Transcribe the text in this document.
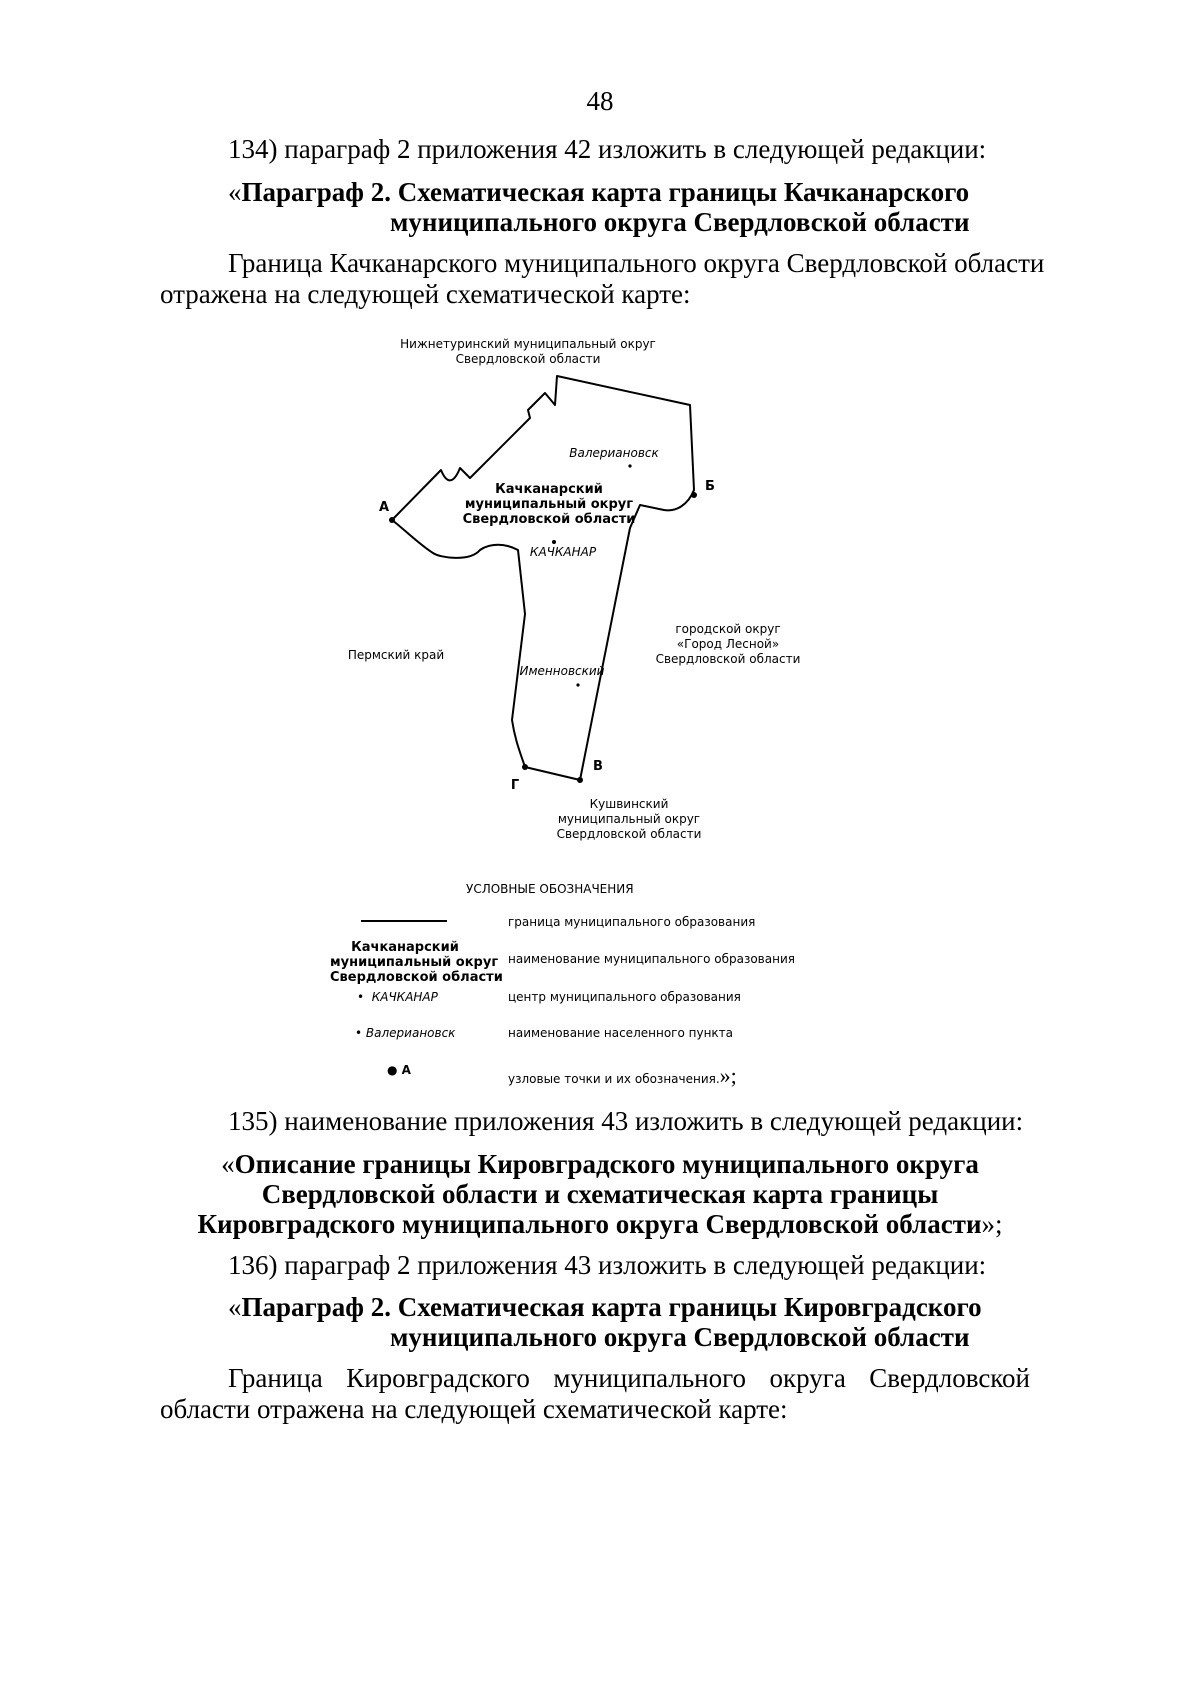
48
134) параграф 2 приложения 42 изложить в следующей редакции:
«Параграф 2. Схематическая карта границы Качканарского
муниципального округа Свердловской области
Граница Качканарского муниципального округа Свердловской области
отражена на следующей схематической карте:
Нижнетуринский муниципальный округ
Свердловской области
Пермский край
городской округ
«Город Лесной»
Свердловской области
Кушвинский
муниципальный округ
Свердловской области
Качканарский
муниципальный округ
Свердловской области
КАЧКАНАР
Валериановск
Именновский
А
Б
В
Г
УСЛОВНЫЕ ОБОЗНАЧЕНИЯ
граница муниципального образования
Качканарский
муниципальный округ
Свердловской области
наименование муниципального образования
•  КАЧКАНАР	центр муниципального образования
• Валериановск	наименование населенного пункта
● А
узловые точки и их обозначения.»;
135) наименование приложения 43 изложить в следующей редакции:
«Описание границы Кировградского муниципального округа
Свердловской области и схематическая карта границы
Кировградского муниципального округа Свердловской области»;
136) параграф 2 приложения 43 изложить в следующей редакции:
«Параграф 2. Схематическая карта границы Кировградского
муниципального округа Свердловской области
Граница Кировградского муниципального округа Свердловской
области отражена на следующей схематической карте:
